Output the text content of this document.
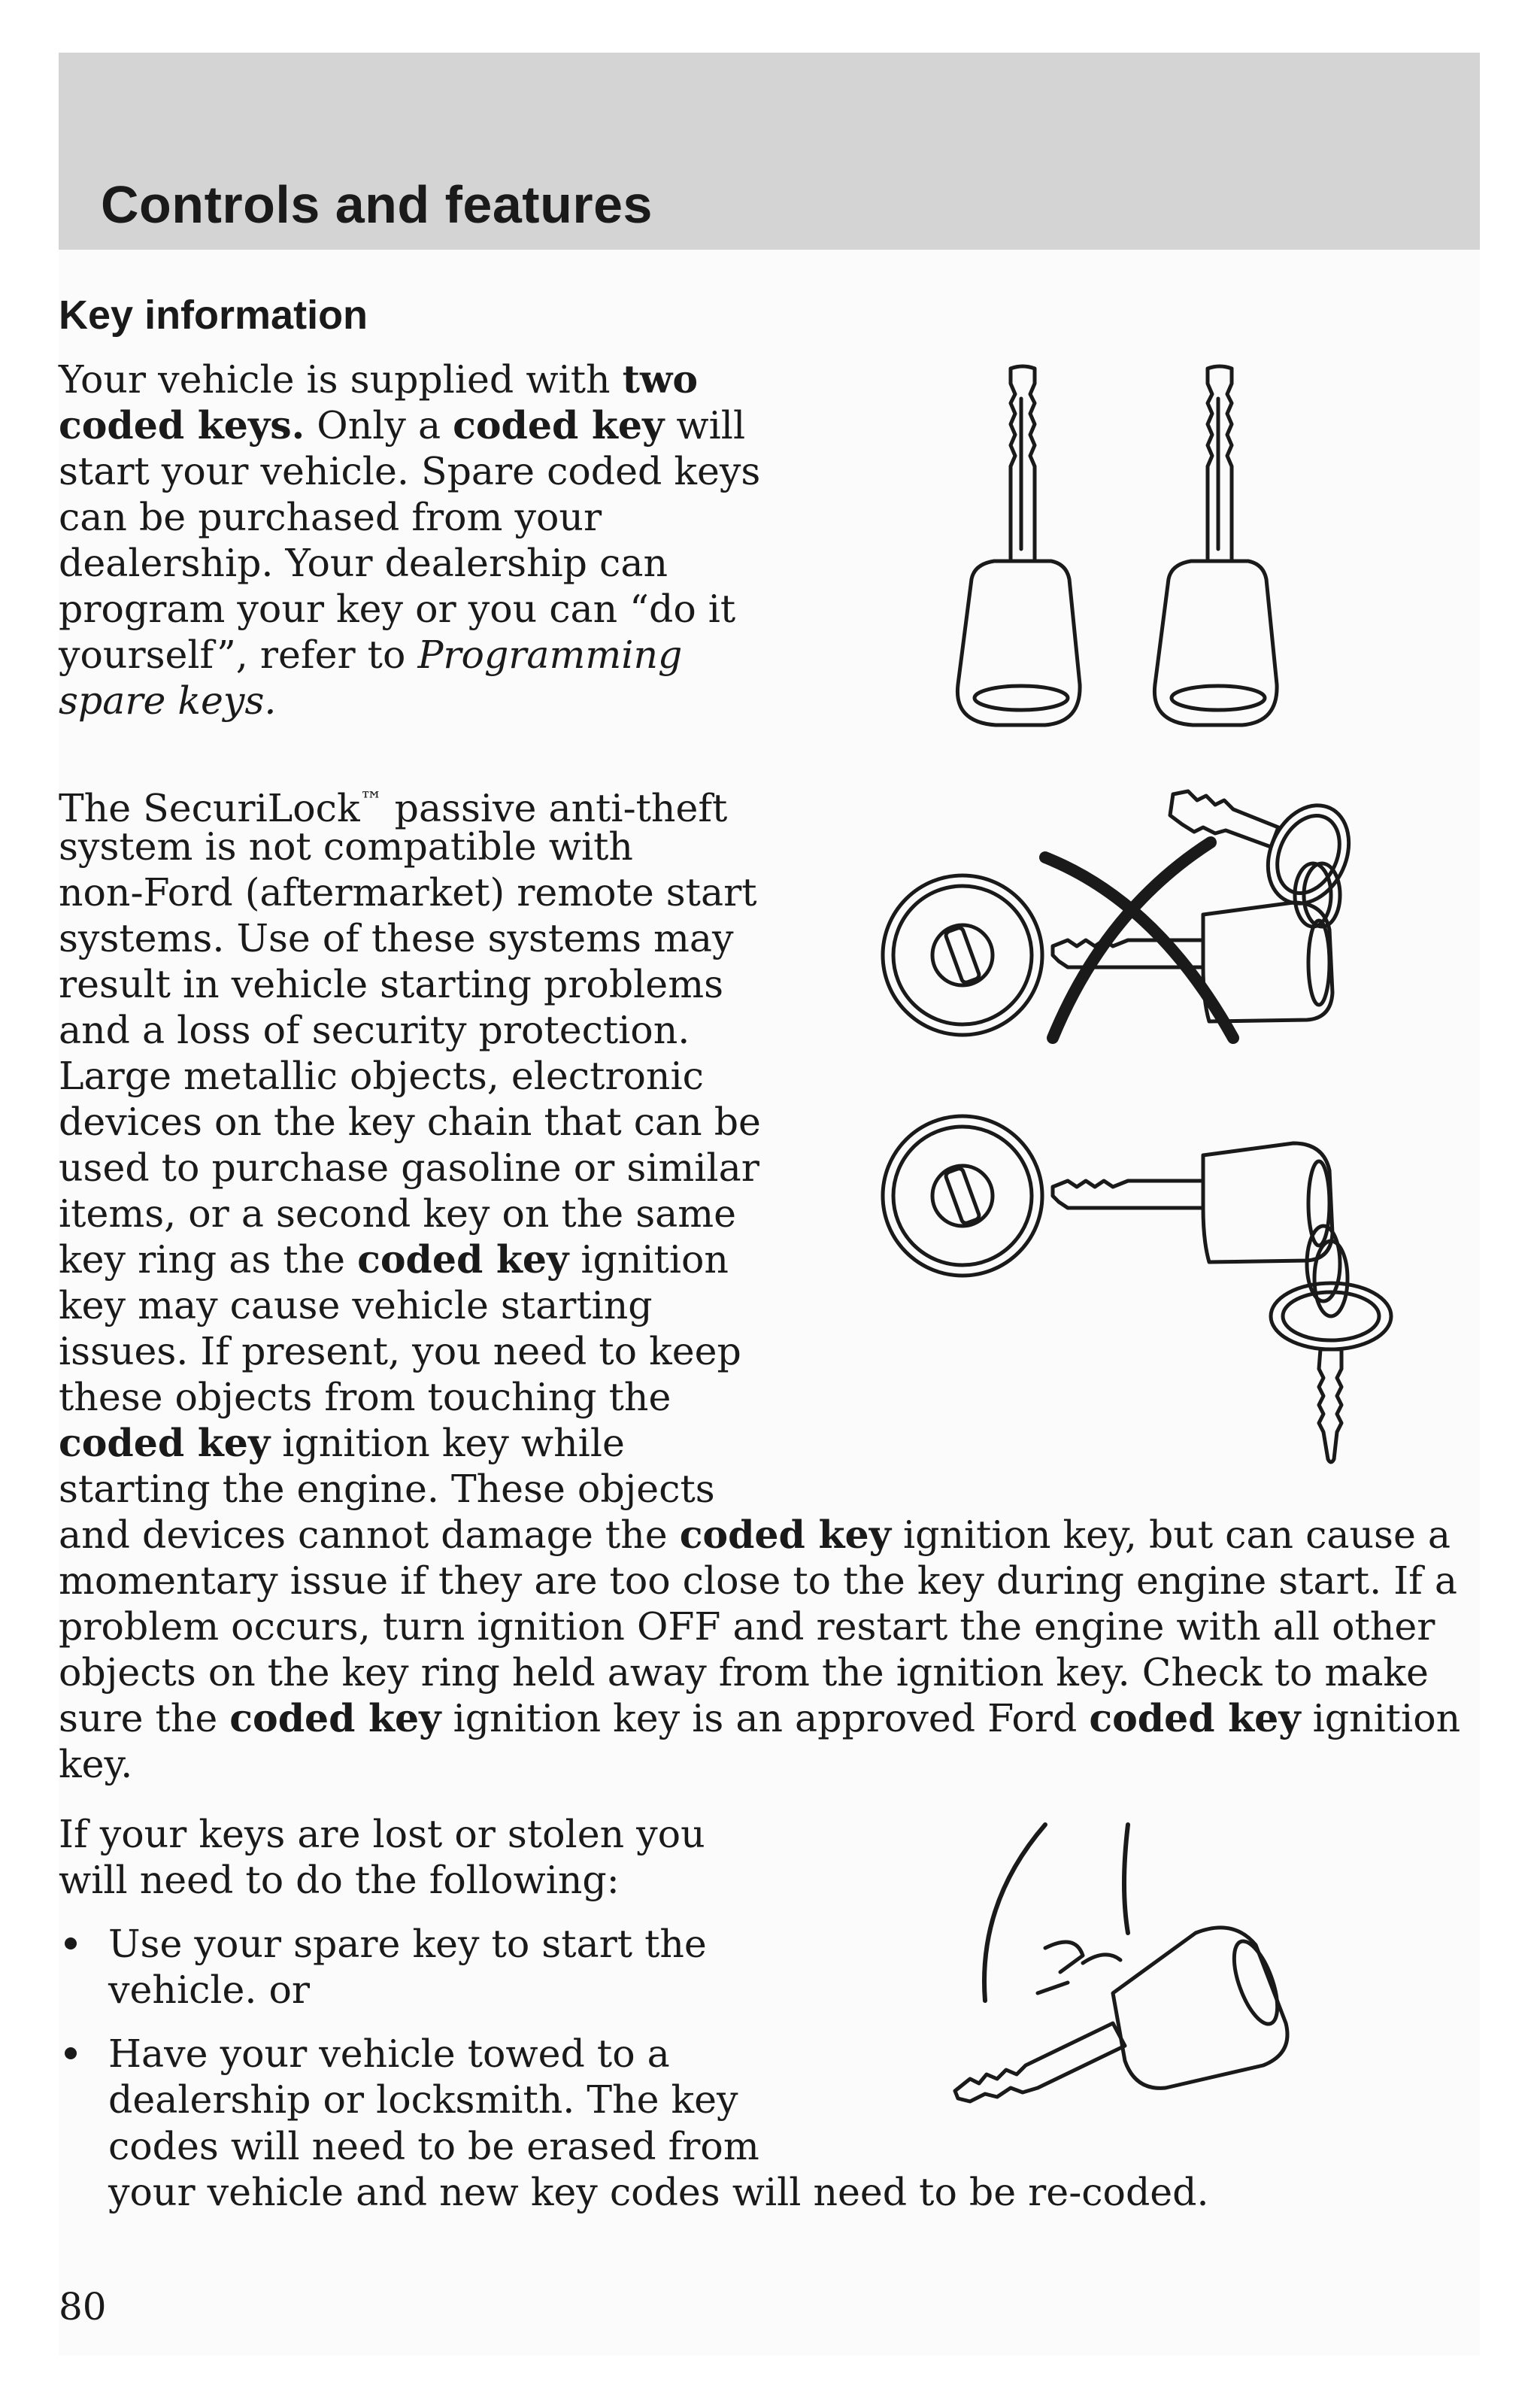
Controls and features
Key information
Your vehicle is supplied with two
coded keys. Only a coded key will
start your vehicle. Spare coded keys
can be purchased from your
dealership. Your dealership can
program your key or you can “do it
yourself”, refer to Programming
spare keys.
The SecuriLock™ passive anti-theft
system is not compatible with
non-Ford (aftermarket) remote start
systems. Use of these systems may
result in vehicle starting problems
and a loss of security protection.
Large metallic objects, electronic
devices on the key chain that can be
used to purchase gasoline or similar
items, or a second key on the same
key ring as the coded key ignition
key may cause vehicle starting
issues. If present, you need to keep
these objects from touching the
coded key ignition key while
starting the engine. These objects
and devices cannot damage the coded key ignition key, but can cause a
momentary issue if they are too close to the key during engine start. If a
problem occurs, turn ignition OFF and restart the engine with all other
objects on the key ring held away from the ignition key. Check to make
sure the coded key ignition key is an approved Ford coded key ignition
key.
If your keys are lost or stolen you
will need to do the following:

Use your spare key to start the
vehicle. or

Have your vehicle towed to a
dealership or locksmith. The key
codes will need to be erased from
your vehicle and new key codes will need to be re-coded.

80
